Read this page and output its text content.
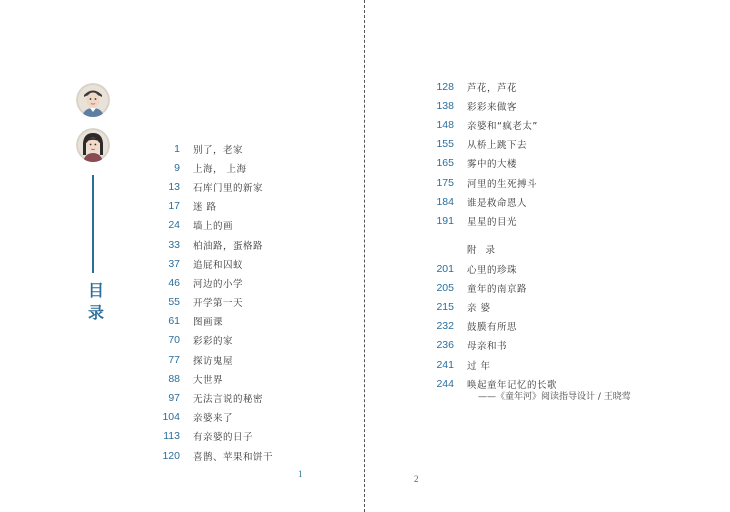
目
录
1 别了，老家
9 上海， 上海
13 石库门里的新家
17 迷 路
24 墙上的画
33 柏油路，蛋格路
37 追屁和囚蚁
46 河边的小学
55 开学第一天
61 图画课
70 彩彩的家
77 探访鬼屋
88 大世界
97 无法言说的秘密
104 亲婆来了
113 有亲婆的日子
120 喜鹊、苹果和饼干
1
128 芦花，芦花
138 彩彩来做客
148 亲婆和“疯老太”
155 从桥上跳下去
165 雾中的大楼
175 河里的生死搏斗
184 谁是救命恩人
191 星星的目光
附 录
201 心里的珍珠
205 童年的南京路
215 亲 婆
232 鼓膜有所思
236 母亲和书
241 过 年
244 唤起童年记忆的长歌
——《童年河》阅读指导设计 / 王晓莺
2
